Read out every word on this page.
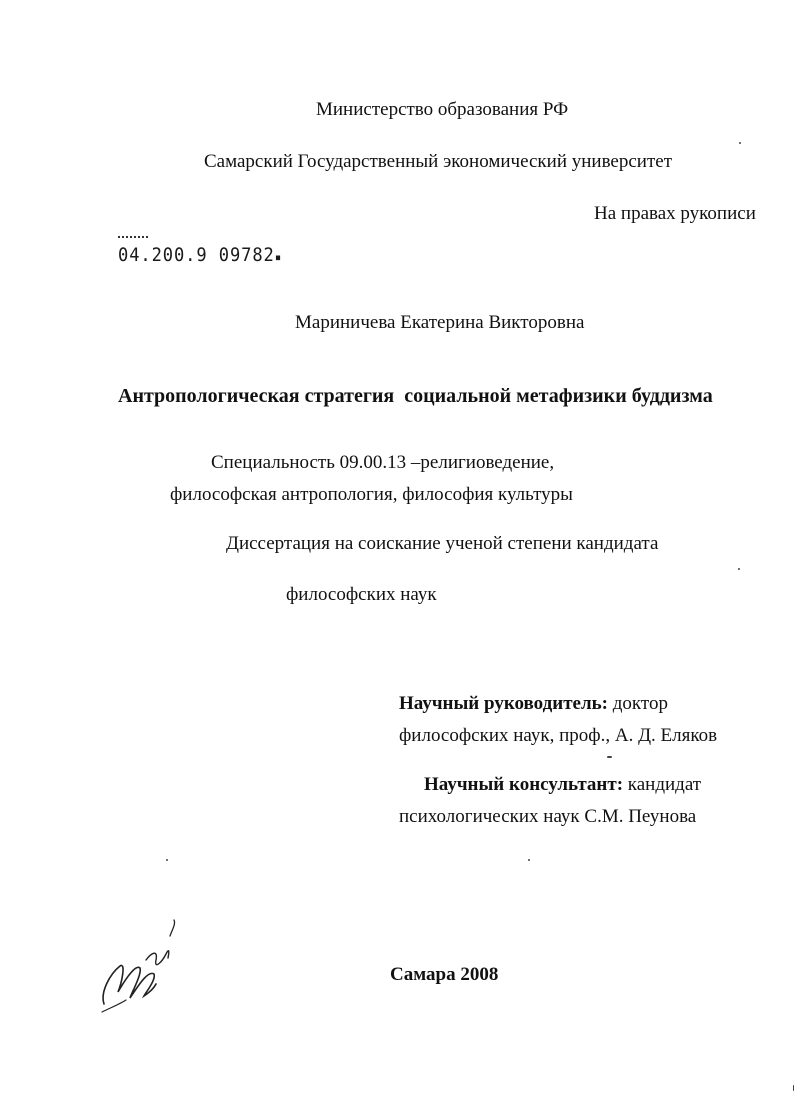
Министерство образования РФ
Самарский Государственный экономический университет
На правах рукописи
04.200.9 09782▪
Мариничева Екатерина Викторовна
Антропологическая стратегия  социальной метафизики буддизма
Специальность 09.00.13 –религиоведение,
философская антропология, философия культуры
Диссертация на соискание ученой степени кандидата
философских наук
Научный руководитель: доктор
философских наук, проф., А. Д. Еляков
Научный консультант: кандидат
психологических наук С.М. Пеунова
Самара 2008
